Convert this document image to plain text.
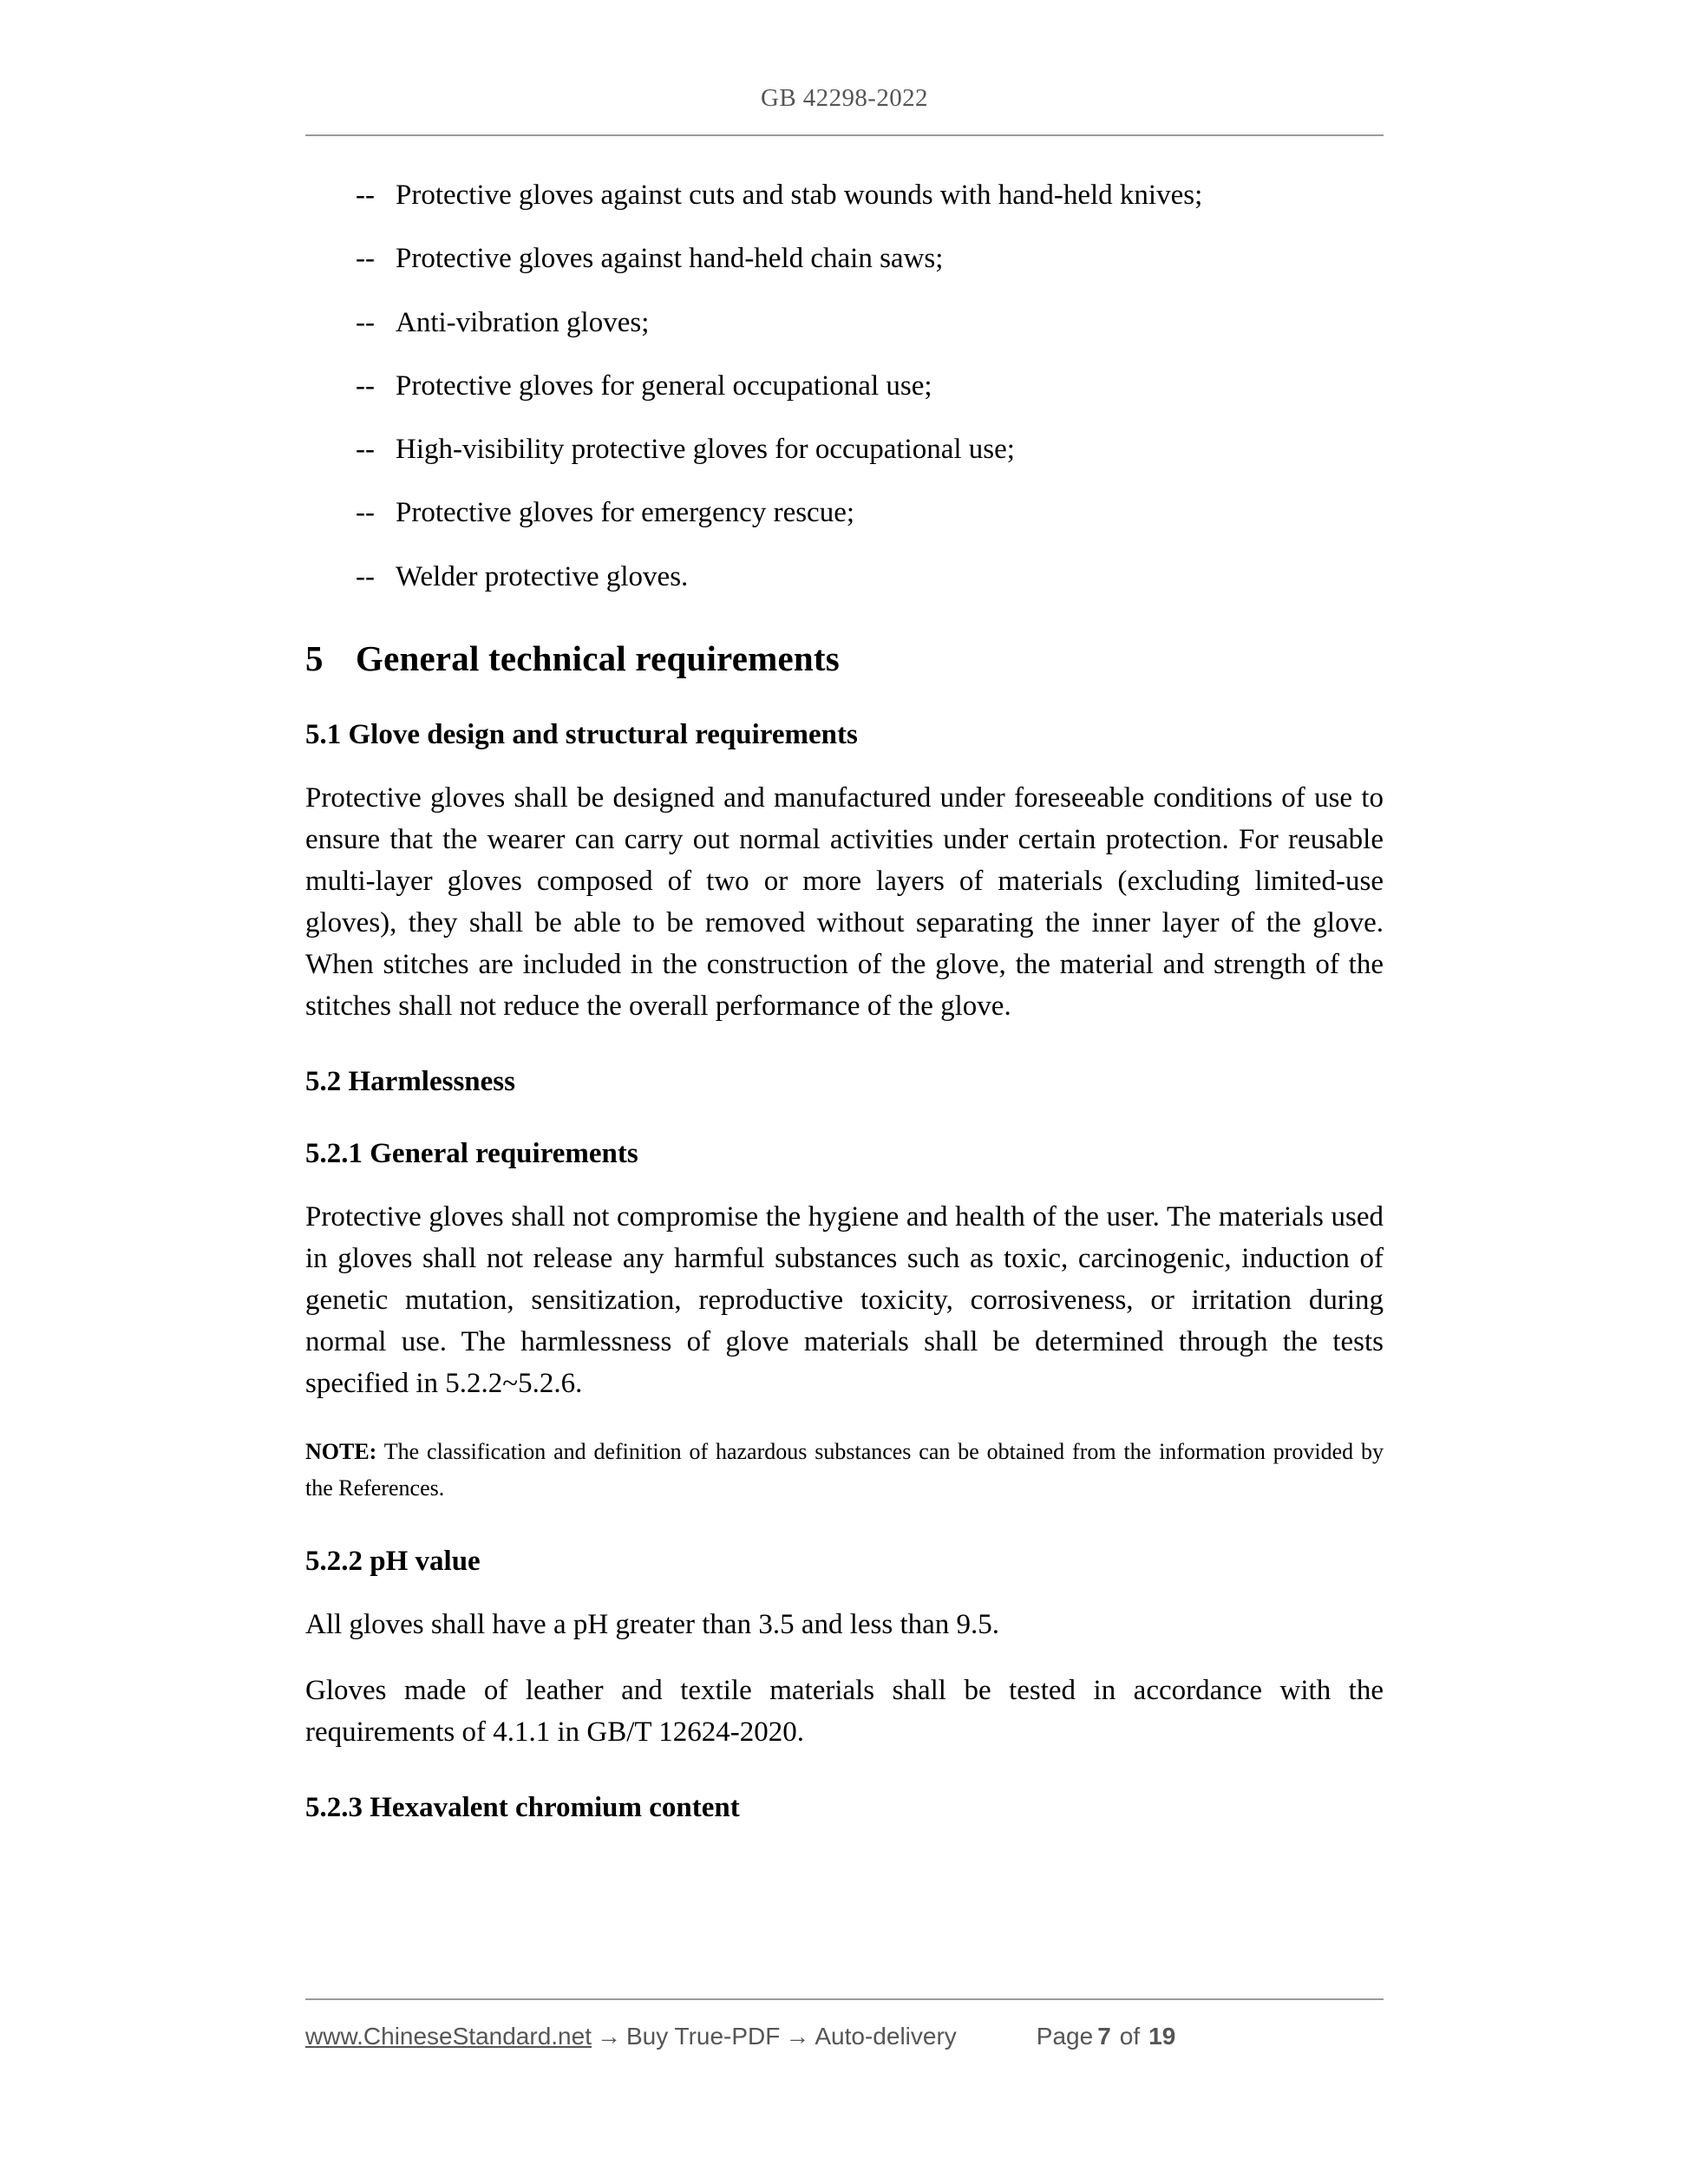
GB 42298-2022
-- Protective gloves against cuts and stab wounds with hand-held knives;
-- Protective gloves against hand-held chain saws;
-- Anti-vibration gloves;
-- Protective gloves for general occupational use;
-- High-visibility protective gloves for occupational use;
-- Protective gloves for emergency rescue;
-- Welder protective gloves.
5 General technical requirements
5.1 Glove design and structural requirements

Protective gloves shall be designed and manufactured under foreseeable conditions of use to ensure that the wearer can carry out normal activities under certain protection. For reusable multi-layer gloves composed of two or more layers of materials (excluding limited-use gloves), they shall be able to be removed without separating the inner layer of the glove. When stitches are included in the construction of the glove, the material and strength of the stitches shall not reduce the overall performance of the glove.

5.2 Harmlessness
5.2.1 General requirements

Protective gloves shall not compromise the hygiene and health of the user. The materials used in gloves shall not release any harmful substances such as toxic, carcinogenic, induction of genetic mutation, sensitization, reproductive toxicity, corrosiveness, or irritation during normal use. The harmlessness of glove materials shall be determined through the tests specified in 5.2.2~5.2.6.

NOTE: The classification and definition of hazardous substances can be obtained from the information provided by the References.

5.2.2 pH value

All gloves shall have a pH greater than 3.5 and less than 9.5.

Gloves made of leather and textile materials shall be tested in accordance with the requirements of 4.1.1 in GB/T 12624-2020.

5.2.3 Hexavalent chromium content
www.ChineseStandard.net → Buy True-PDF → Auto-delivery	Page 7 of 19
